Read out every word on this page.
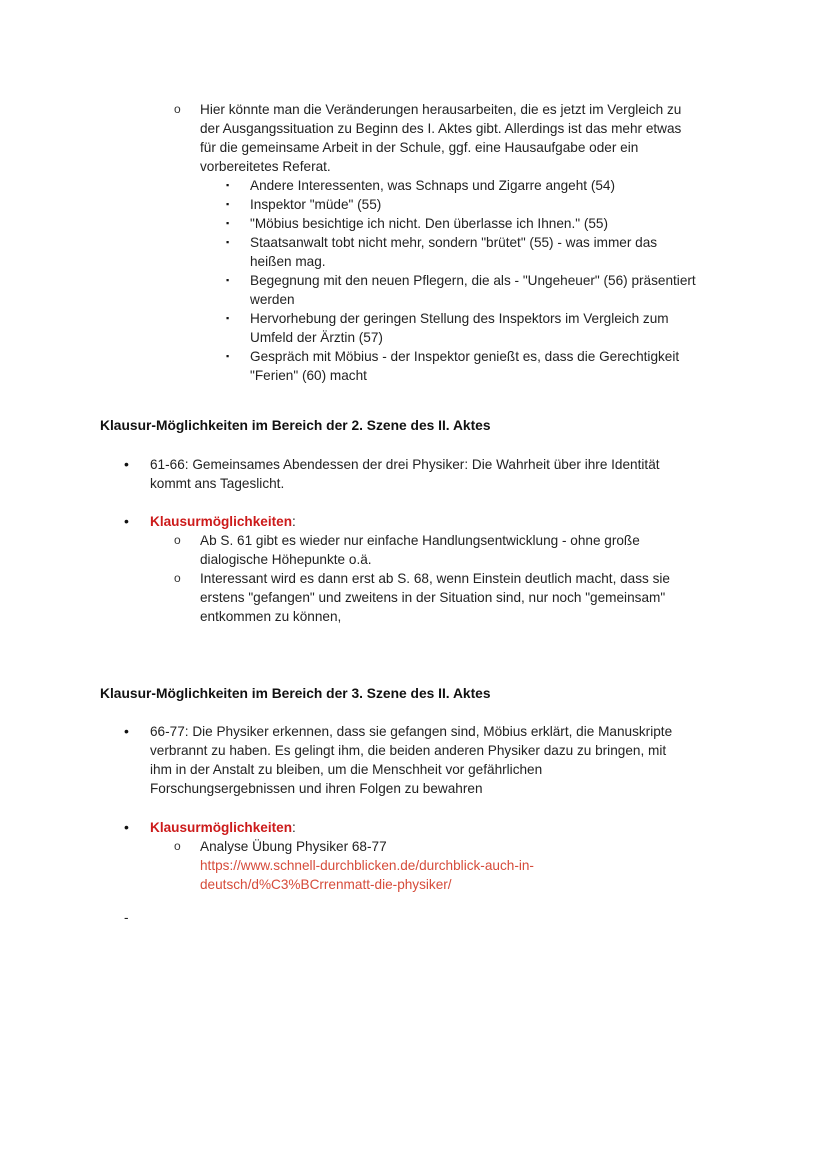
o	Hier könnte man die Veränderungen herausarbeiten, die es jetzt im Vergleich zu
der Ausgangssituation zu Beginn des I. Aktes gibt. Allerdings ist das mehr etwas
für die gemeinsame Arbeit in der Schule, ggf. eine Hausaufgabe oder ein
vorbereitetes Referat.
▪	Andere Interessenten, was Schnaps und Zigarre angeht (54)
▪	Inspektor "müde" (55)
▪	"Möbius besichtige ich nicht. Den überlasse ich Ihnen." (55)
▪	Staatsanwalt tobt nicht mehr, sondern "brütet" (55) - was immer das
heißen mag.
▪	Begegnung mit den neuen Pflegern, die als - "Ungeheuer" (56) präsentiert
werden
▪	Hervorhebung der geringen Stellung des Inspektors im Vergleich zum
Umfeld der Ärztin (57)
▪	Gespräch mit Möbius - der Inspektor genießt es, dass die Gerechtigkeit
"Ferien" (60) macht
Klausur-Möglichkeiten im Bereich der 2. Szene des II. Aktes
•	61-66: Gemeinsames Abendessen der drei Physiker: Die Wahrheit über ihre Identität
kommt ans Tageslicht.
•	Klausurmöglichkeiten:
o	Ab S. 61 gibt es wieder nur einfache Handlungsentwicklung - ohne große
dialogische Höhepunkte o.ä.
o	Interessant wird es dann erst ab S. 68, wenn Einstein deutlich macht, dass sie
erstens "gefangen" und zweitens in der Situation sind, nur noch "gemeinsam"
entkommen zu können,
Klausur-Möglichkeiten im Bereich der 3. Szene des II. Aktes
•	66-77: Die Physiker erkennen, dass sie gefangen sind, Möbius erklärt, die Manuskripte
verbrannt zu haben. Es gelingt ihm, die beiden anderen Physiker dazu zu bringen, mit
ihm in der Anstalt zu bleiben, um die Menschheit vor gefährlichen
Forschungsergebnissen und ihren Folgen zu bewahren
•	Klausurmöglichkeiten:
o	Analyse Übung Physiker 68-77
https://www.schnell-durchblicken.de/durchblick-auch-in-
deutsch/d%C3%BCrrenmatt-die-physiker/
-
